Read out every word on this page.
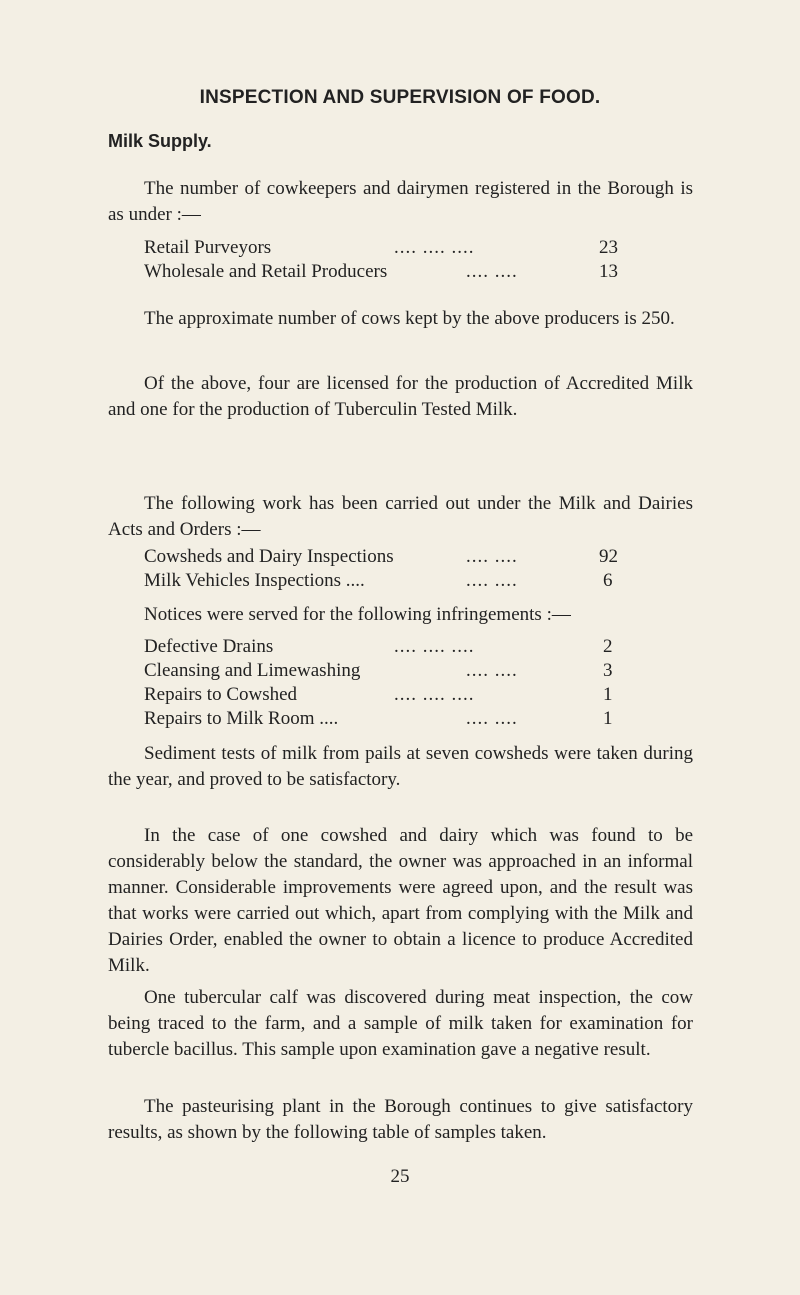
INSPECTION AND SUPERVISION OF FOOD.
Milk Supply.

The number of cowkeepers and dairymen registered in the Borough is as under :—

Retail Purveyors	.... .... ....	23
Wholesale and Retail Producers	.... ....	13

The approximate number of cows kept by the above producers is 250.

Of the above, four are licensed for the production of Accredited Milk and one for the production of Tuberculin Tested Milk.

The following work has been carried out under the Milk and Dairies Acts and Orders :—

Cowsheds and Dairy Inspections	.... ....	92
Milk Vehicles Inspections ....	.... ....	6

Notices were served for the following infringements :—

Defective Drains	.... .... ....	2
Cleansing and Limewashing	.... ....	3
Repairs to Cowshed	.... .... ....	1
Repairs to Milk Room ....	.... ....	1

Sediment tests of milk from pails at seven cowsheds were taken during the year, and proved to be satisfactory.

In the case of one cowshed and dairy which was found to be considerably below the standard, the owner was approached in an informal manner. Considerable improvements were agreed upon, and the result was that works were carried out which, apart from complying with the Milk and Dairies Order, enabled the owner to obtain a licence to produce Accredited Milk.

One tubercular calf was discovered during meat inspection, the cow being traced to the farm, and a sample of milk taken for examination for tubercle bacillus. This sample upon examination gave a negative result.

The pasteurising plant in the Borough continues to give satisfactory results, as shown by the following table of samples taken.

25
